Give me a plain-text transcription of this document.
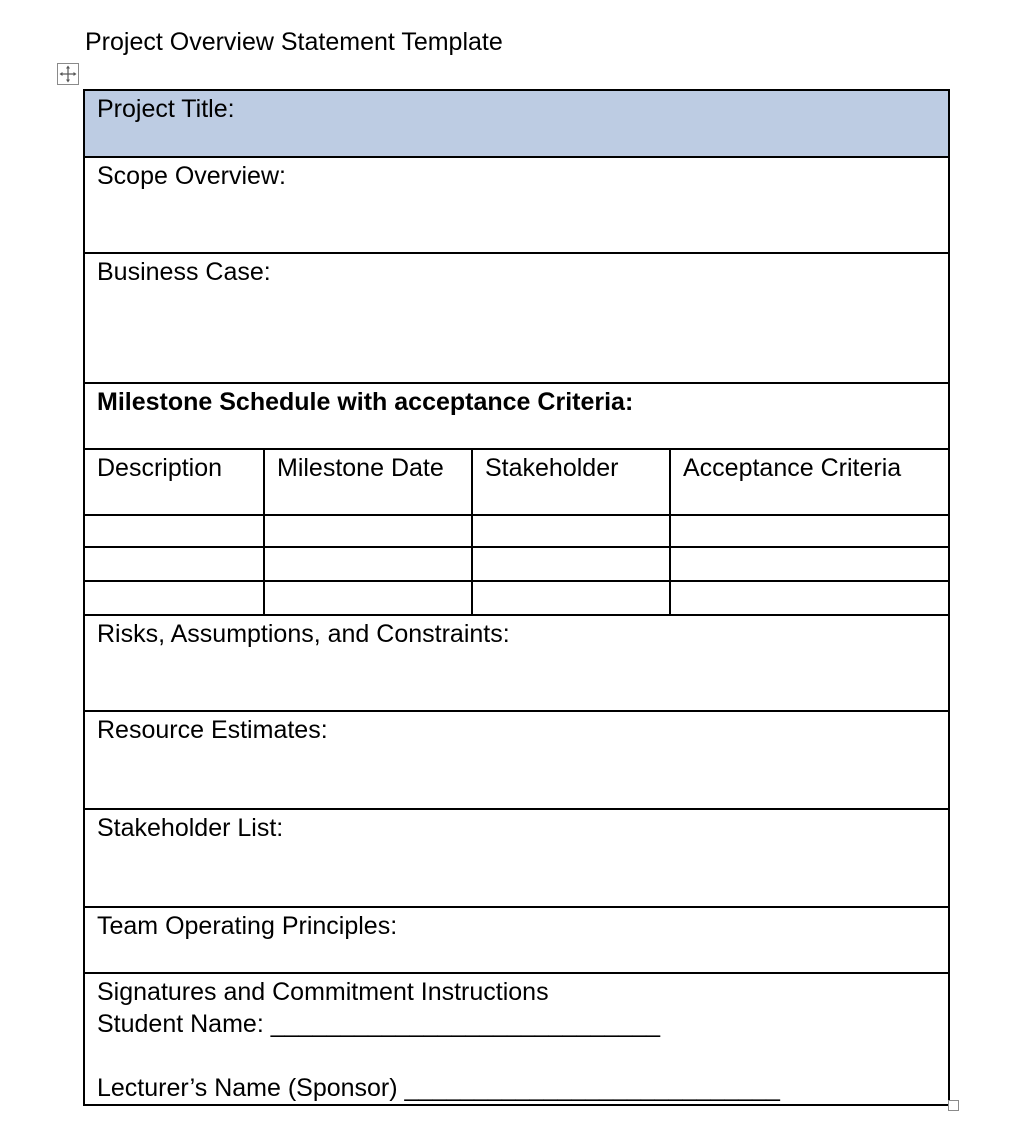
Project Overview Statement Template
Project Title:			
Scope Overview:			
Business Case:			
Milestone Schedule with acceptance Criteria:			
Description	Milestone Date	Stakeholder	Acceptance Criteria

Risks, Assumptions, and Constraints:			
Resource Estimates:			
Stakeholder List:			
Team Operating Principles:			

Signatures and Commitment Instructions
Student Name: ____________________________
Lecturer’s Name (Sponsor) ___________________________			
